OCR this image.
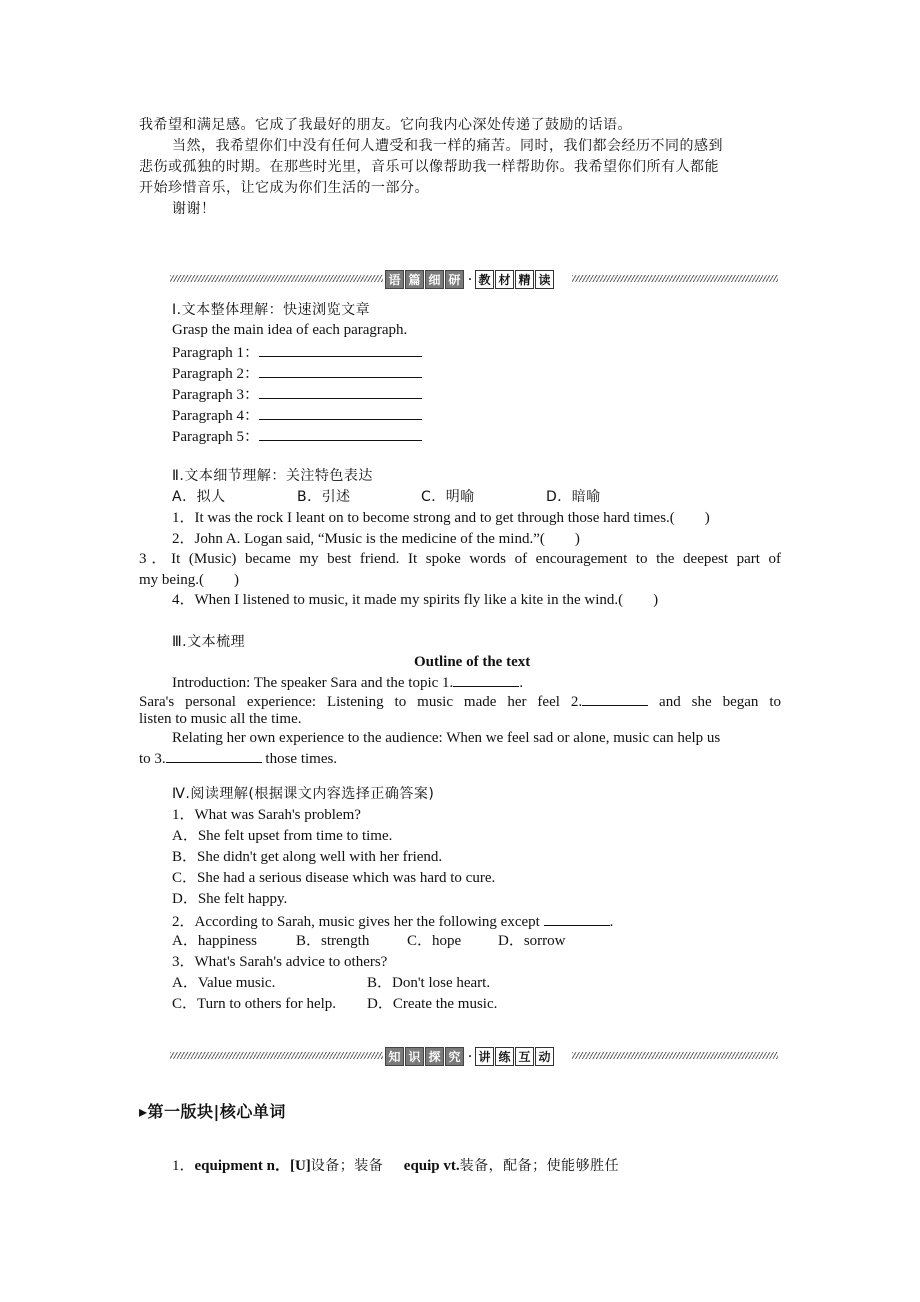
我希望和满足感。它成了我最好的朋友。它向我内心深处传递了鼓励的话语。
当然，我希望你们中没有任何人遭受和我一样的痛苦。同时，我们都会经历不同的感到
悲伤或孤独的时期。在那些时光里，音乐可以像帮助我一样帮助你。我希望你们所有人都能
开始珍惜音乐，让它成为你们生活的一部分。
谢谢！
语 篇 细 研 · 教 材 精 读
Ⅰ.文本整体理解：快速浏览文章
Grasp the main idea of each paragraph.
Paragraph 1：
Paragraph 2：
Paragraph 3：
Paragraph 4：
Paragraph 5：
Ⅱ.文本细节理解：关注特色表达
A．拟人	B．引述	C．明喻	D．暗喻
1．It was the rock I leant on to become strong and to get through those hard times.(　　)
2．John A. Logan said, “Music is the medicine of the mind.”(　　)
3．It (Music) became my best friend. It spoke words of encouragement to the deepest part of
my being.(　　)
4．When I listened to music, it made my spirits fly like a kite in the wind.(　　)
Ⅲ.文本梳理
Outline of the text
Introduction: The speaker Sara and the topic 1.	.
Sara's personal experience: Listening to music made her feel 2.	and she began to
listen to music all the time.
Relating her own experience to the audience: When we feel sad or alone, music can help us
to 3.	those times.
Ⅳ.阅读理解(根据课文内容选择正确答案)
1．What was Sarah's problem?
A．She felt upset from time to time.
B．She didn't get along well with her friend.
C．She had a serious disease which was hard to cure.
D．She felt happy.
2．According to Sarah, music gives her the following except	.
A．happiness	B．strength	C．hope D．sorrow
3．What's Sarah's advice to others?
A．Value music.	B．Don't lose heart.
C．Turn to others for help. D．Create the music.
知 识 探 究 · 讲 练 互 动
▸第一版块|核心单词
1．equipment n．[U]设备；装备　equip vt.装备，配备；使能够胜任
